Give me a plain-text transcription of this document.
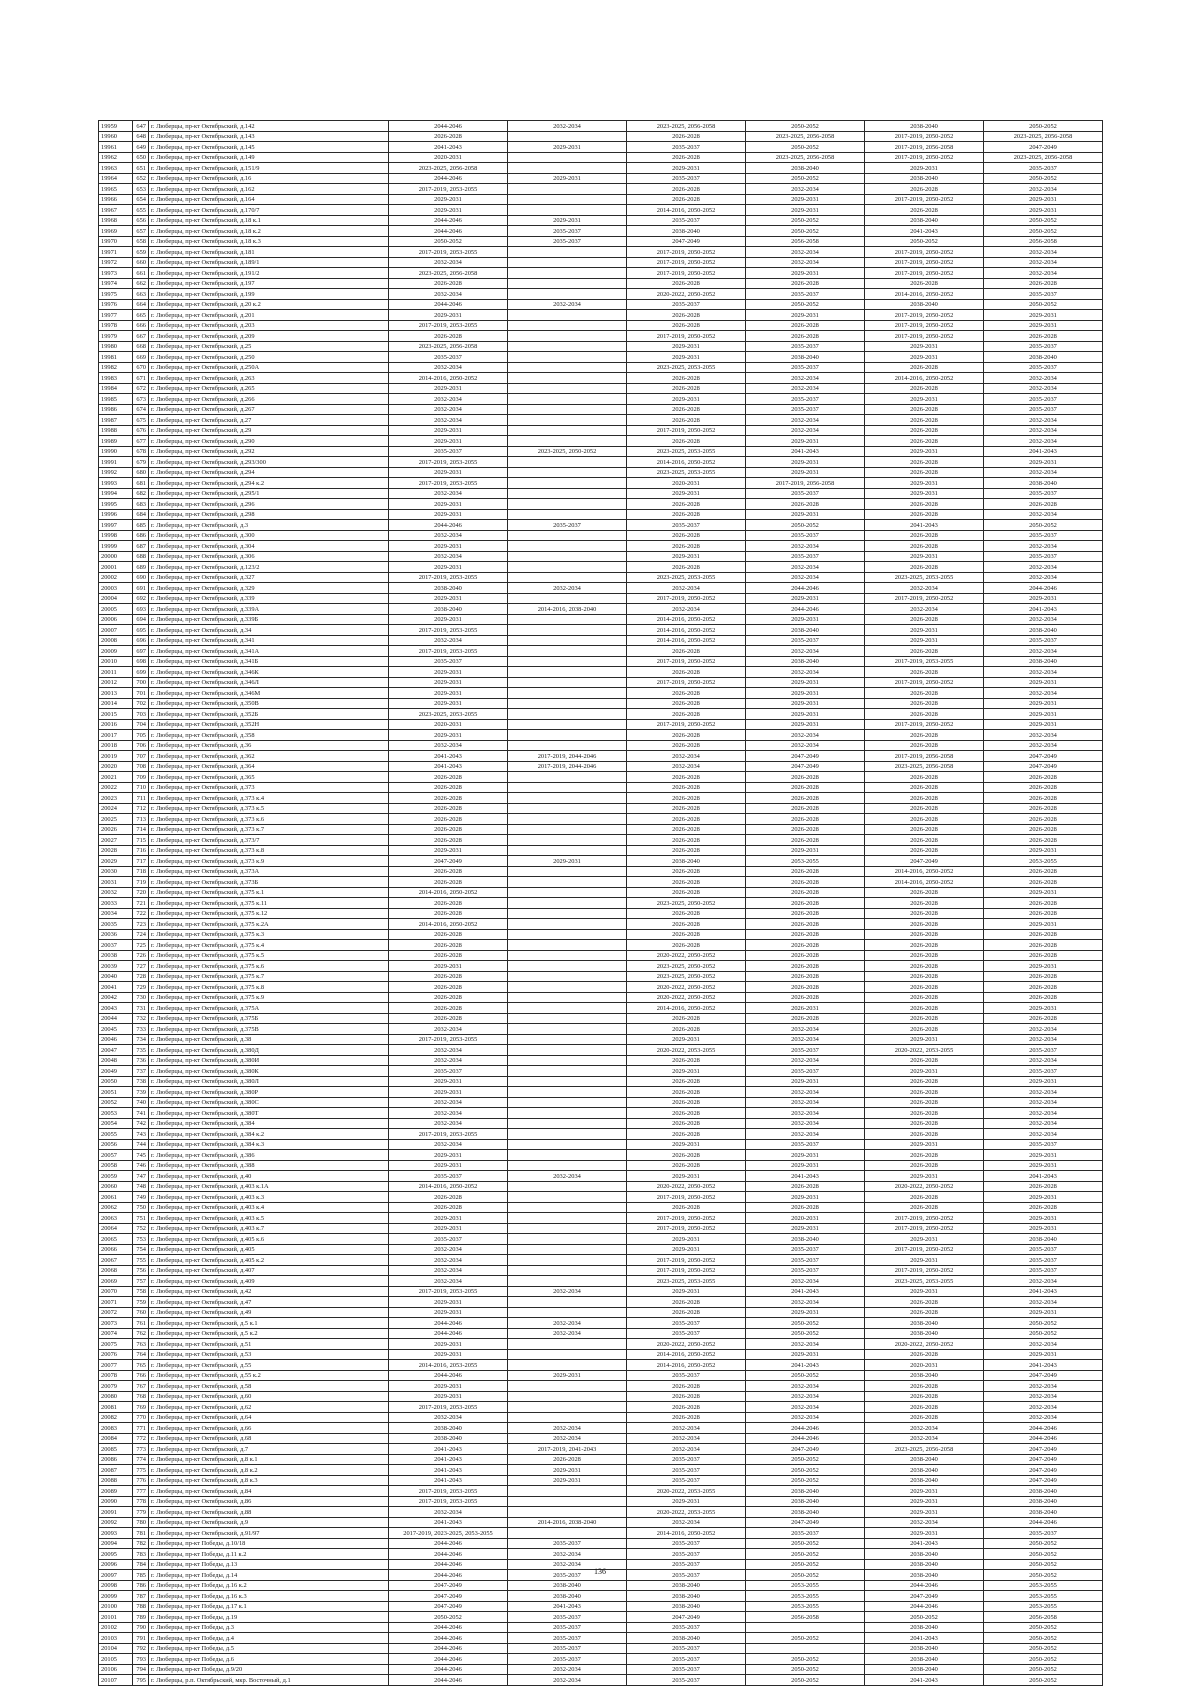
19959	647	г. Люберцы, пр-кт Октябрьский, д.142	2044-2046	2032-2034	2023-2025, 2056-2058	2050-2052	2038-2040	2050-2052
19960	648	г. Люберцы, пр-кт Октябрьский, д.143	2026-2028		2026-2028	2023-2025, 2056-2058	2017-2019, 2050-2052	2023-2025, 2056-2058
19961	649	г. Люберцы, пр-кт Октябрьский, д.145	2041-2043	2029-2031	2035-2037	2050-2052	2017-2019, 2056-2058	2047-2049
19962	650	г. Люберцы, пр-кт Октябрьский, д.149	2020-2031		2026-2028	2023-2025, 2056-2058	2017-2019, 2050-2052	2023-2025, 2056-2058
19963	651	г. Люберцы, пр-кт Октябрьский, д.151/9	2023-2025, 2056-2058		2029-2031	2038-2040	2029-2031	2035-2037
19964	652	г. Люберцы, пр-кт Октябрьский, д.16	2044-2046	2029-2031	2035-2037	2050-2052	2038-2040	2050-2052
19965	653	г. Люберцы, пр-кт Октябрьский, д.162	2017-2019, 2053-2055		2026-2028	2032-2034	2026-2028	2032-2034
19966	654	г. Люберцы, пр-кт Октябрьский, д.164	2029-2031		2026-2028	2029-2031	2017-2019, 2050-2052	2029-2031
19967	655	г. Люберцы, пр-кт Октябрьский, д.170/7	2029-2031		2014-2016, 2050-2052	2029-2031	2026-2028	2029-2031
19968	656	г. Люберцы, пр-кт Октябрьский, д.18 к.1	2044-2046	2029-2031	2035-2037	2050-2052	2038-2040	2050-2052
19969	657	г. Люберцы, пр-кт Октябрьский, д.18 к.2	2044-2046	2035-2037	2038-2040	2050-2052	2041-2043	2050-2052
19970	658	г. Люберцы, пр-кт Октябрьский, д.18 к.3	2050-2052	2035-2037	2047-2049	2056-2058	2050-2052	2056-2058
19971	659	г. Люберцы, пр-кт Октябрьский, д.181	2017-2019, 2053-2055		2017-2019, 2050-2052	2032-2034	2017-2019, 2050-2052	2032-2034
19972	660	г. Люберцы, пр-кт Октябрьский, д.189/1	2032-2034		2017-2019, 2050-2052	2032-2034	2017-2019, 2050-2052	2032-2034
19973	661	г. Люберцы, пр-кт Октябрьский, д.191/2	2023-2025, 2056-2058		2017-2019, 2050-2052	2029-2031	2017-2019, 2050-2052	2032-2034
19974	662	г. Люберцы, пр-кт Октябрьский, д.197	2026-2028		2026-2028	2026-2028	2026-2028	2026-2028
19975	663	г. Люберцы, пр-кт Октябрьский, д.199	2032-2034		2020-2022, 2050-2052	2035-2037	2014-2016, 2050-2052	2035-2037
19976	664	г. Люберцы, пр-кт Октябрьский, д.20 к.2	2044-2046	2032-2034	2035-2037	2050-2052	2038-2040	2050-2052
19977	665	г. Люберцы, пр-кт Октябрьский, д.201	2029-2031		2026-2028	2029-2031	2017-2019, 2050-2052	2029-2031
19978	666	г. Люберцы, пр-кт Октябрьский, д.203	2017-2019, 2053-2055		2026-2028	2026-2028	2017-2019, 2050-2052	2029-2031
19979	667	г. Люберцы, пр-кт Октябрьский, д.209	2026-2028		2017-2019, 2050-2052	2026-2028	2017-2019, 2050-2052	2026-2028
19980	668	г. Люберцы, пр-кт Октябрьский, д.25	2023-2025, 2056-2058		2029-2031	2035-2037	2029-2031	2035-2037
19981	669	г. Люберцы, пр-кт Октябрьский, д.250	2035-2037		2029-2031	2038-2040	2029-2031	2038-2040
19982	670	г. Люберцы, пр-кт Октябрьский, д.250А	2032-2034		2023-2025, 2053-2055	2035-2037	2026-2028	2035-2037
19983	671	г. Люберцы, пр-кт Октябрьский, д.263	2014-2016, 2050-2052		2026-2028	2032-2034	2014-2016, 2050-2052	2032-2034
19984	672	г. Люберцы, пр-кт Октябрьский, д.265	2029-2031		2026-2028	2032-2034	2026-2028	2032-2034
19985	673	г. Люберцы, пр-кт Октябрьский, д.266	2032-2034		2029-2031	2035-2037	2029-2031	2035-2037
19986	674	г. Люберцы, пр-кт Октябрьский, д.267	2032-2034		2026-2028	2035-2037	2026-2028	2035-2037
19987	675	г. Люберцы, пр-кт Октябрьский, д.27	2032-2034		2026-2028	2032-2034	2026-2028	2032-2034
19988	676	г. Люберцы, пр-кт Октябрьский, д.29	2029-2031		2017-2019, 2050-2052	2032-2034	2026-2028	2032-2034
19989	677	г. Люберцы, пр-кт Октябрьский, д.290	2029-2031		2026-2028	2029-2031	2026-2028	2032-2034
19990	678	г. Люберцы, пр-кт Октябрьский, д.292	2035-2037	2023-2025, 2050-2052	2023-2025, 2053-2055	2041-2043	2029-2031	2041-2043
19991	679	г. Люберцы, пр-кт Октябрьский, д.293/300	2017-2019, 2053-2055		2014-2016, 2050-2052	2029-2031	2026-2028	2029-2031
19992	680	г. Люберцы, пр-кт Октябрьский, д.294	2029-2031		2023-2025, 2053-2055	2029-2031	2026-2028	2032-2034
19993	681	г. Люберцы, пр-кт Октябрьский, д.294 к.2	2017-2019, 2053-2055		2020-2031	2017-2019, 2056-2058	2029-2031	2038-2040
19994	682	г. Люберцы, пр-кт Октябрьский, д.295/1	2032-2034		2029-2031	2035-2037	2029-2031	2035-2037
19995	683	г. Люберцы, пр-кт Октябрьский, д.296	2029-2031		2026-2028	2026-2028	2026-2028	2026-2028
19996	684	г. Люберцы, пр-кт Октябрьский, д.298	2029-2031		2026-2028	2029-2031	2026-2028	2032-2034
19997	685	г. Люберцы, пр-кт Октябрьский, д.3	2044-2046	2035-2037	2035-2037	2050-2052	2041-2043	2050-2052
19998	686	г. Люберцы, пр-кт Октябрьский, д.300	2032-2034		2026-2028	2035-2037	2026-2028	2035-2037
19999	687	г. Люберцы, пр-кт Октябрьский, д.304	2029-2031		2026-2028	2032-2034	2026-2028	2032-2034
20000	688	г. Люберцы, пр-кт Октябрьский, д.306	2032-2034		2029-2031	2035-2037	2029-2031	2035-2037
20001	689	г. Люберцы, пр-кт Октябрьский, д.123/2	2029-2031		2026-2028	2032-2034	2026-2028	2032-2034
20002	690	г. Люберцы, пр-кт Октябрьский, д.327	2017-2019, 2053-2055		2023-2025, 2053-2055	2032-2034	2023-2025, 2053-2055	2032-2034
20003	691	г. Люберцы, пр-кт Октябрьский, д.329	2038-2040	2032-2034	2032-2034	2044-2046	2032-2034	2044-2046
20004	692	г. Люберцы, пр-кт Октябрьский, д.339	2029-2031		2017-2019, 2050-2052	2029-2031	2017-2019, 2050-2052	2029-2031
20005	693	г. Люберцы, пр-кт Октябрьский, д.339А	2038-2040	2014-2016, 2038-2040	2032-2034	2044-2046	2032-2034	2041-2043
20006	694	г. Люберцы, пр-кт Октябрьский, д.339Б	2029-2031		2014-2016, 2050-2052	2029-2031	2026-2028	2032-2034
20007	695	г. Люберцы, пр-кт Октябрьский, д.34	2017-2019, 2053-2055		2014-2016, 2050-2052	2038-2040	2029-2031	2038-2040
20008	696	г. Люберцы, пр-кт Октябрьский, д.341	2032-2034		2014-2016, 2050-2052	2035-2037	2029-2031	2035-2037
20009	697	г. Люберцы, пр-кт Октябрьский, д.341А	2017-2019, 2053-2055		2026-2028	2032-2034	2026-2028	2032-2034
20010	698	г. Люберцы, пр-кт Октябрьский, д.341Б	2035-2037		2017-2019, 2050-2052	2038-2040	2017-2019, 2053-2055	2038-2040
20011	699	г. Люберцы, пр-кт Октябрьский, д.346К	2029-2031		2026-2028	2032-2034	2026-2028	2032-2034
20012	700	г. Люберцы, пр-кт Октябрьский, д.346Л	2029-2031		2017-2019, 2050-2052	2029-2031	2017-2019, 2050-2052	2029-2031
20013	701	г. Люберцы, пр-кт Октябрьский, д.346М	2029-2031		2026-2028	2029-2031	2026-2028	2032-2034
20014	702	г. Люберцы, пр-кт Октябрьский, д.350В	2029-2031		2026-2028	2029-2031	2026-2028	2029-2031
20015	703	г. Люберцы, пр-кт Октябрьский, д.352Б	2023-2025, 2053-2055		2026-2028	2029-2031	2026-2028	2029-2031
20016	704	г. Люберцы, пр-кт Октябрьский, д.352Н	2020-2031		2017-2019, 2050-2052	2029-2031	2017-2019, 2050-2052	2029-2031
20017	705	г. Люберцы, пр-кт Октябрьский, д.358	2029-2031		2026-2028	2032-2034	2026-2028	2032-2034
20018	706	г. Люберцы, пр-кт Октябрьский, д.36	2032-2034		2026-2028	2032-2034	2026-2028	2032-2034
20019	707	г. Люберцы, пр-кт Октябрьский, д.362	2041-2043	2017-2019, 2044-2046	2032-2034	2047-2049	2017-2019, 2056-2058	2047-2049
20020	708	г. Люберцы, пр-кт Октябрьский, д.364	2041-2043	2017-2019, 2044-2046	2032-2034	2047-2049	2023-2025, 2056-2058	2047-2049
20021	709	г. Люберцы, пр-кт Октябрьский, д.365	2026-2028		2026-2028	2026-2028	2026-2028	2026-2028
20022	710	г. Люберцы, пр-кт Октябрьский, д.373	2026-2028		2026-2028	2026-2028	2026-2028	2026-2028
20023	711	г. Люберцы, пр-кт Октябрьский, д.373 к.4	2026-2028		2026-2028	2026-2028	2026-2028	2026-2028
20024	712	г. Люберцы, пр-кт Октябрьский, д.373 к.5	2026-2028		2026-2028	2026-2028	2026-2028	2026-2028
20025	713	г. Люберцы, пр-кт Октябрьский, д.373 к.6	2026-2028		2026-2028	2026-2028	2026-2028	2026-2028
20026	714	г. Люберцы, пр-кт Октябрьский, д.373 к.7	2026-2028		2026-2028	2026-2028	2026-2028	2026-2028
20027	715	г. Люберцы, пр-кт Октябрьский, д.373/7	2026-2028		2026-2028	2026-2028	2026-2028	2026-2028
20028	716	г. Люберцы, пр-кт Октябрьский, д.373 к.8	2029-2031		2026-2028	2029-2031	2026-2028	2029-2031
20029	717	г. Люберцы, пр-кт Октябрьский, д.373 к.9	2047-2049	2029-2031	2038-2040	2053-2055	2047-2049	2053-2055
20030	718	г. Люберцы, пр-кт Октябрьский, д.373А	2026-2028		2026-2028	2026-2028	2014-2016, 2050-2052	2026-2028
20031	719	г. Люберцы, пр-кт Октябрьский, д.373Б	2026-2028		2026-2028	2026-2028	2014-2016, 2050-2052	2026-2028
20032	720	г. Люберцы, пр-кт Октябрьский, д.375 к.1	2014-2016, 2050-2052		2026-2028	2026-2028	2026-2028	2029-2031
20033	721	г. Люберцы, пр-кт Октябрьский, д.375 к.11	2026-2028		2023-2025, 2050-2052	2026-2028	2026-2028	2026-2028
20034	722	г. Люберцы, пр-кт Октябрьский, д.375 к.12	2026-2028		2026-2028	2026-2028	2026-2028	2026-2028
20035	723	г. Люберцы, пр-кт Октябрьский, д.375 к.2А	2014-2016, 2050-2052		2026-2028	2026-2028	2026-2028	2029-2031
20036	724	г. Люберцы, пр-кт Октябрьский, д.375 к.3	2026-2028		2026-2028	2026-2028	2026-2028	2026-2028
20037	725	г. Люберцы, пр-кт Октябрьский, д.375 к.4	2026-2028		2026-2028	2026-2028	2026-2028	2026-2028
20038	726	г. Люберцы, пр-кт Октябрьский, д.375 к.5	2026-2028		2020-2022, 2050-2052	2026-2028	2026-2028	2026-2028
20039	727	г. Люберцы, пр-кт Октябрьский, д.375 к.6	2029-2031		2023-2025, 2050-2052	2026-2028	2026-2028	2029-2031
20040	728	г. Люберцы, пр-кт Октябрьский, д.375 к.7	2026-2028		2023-2025, 2050-2052	2026-2028	2026-2028	2026-2028
20041	729	г. Люберцы, пр-кт Октябрьский, д.375 к.8	2026-2028		2020-2022, 2050-2052	2026-2028	2026-2028	2026-2028
20042	730	г. Люберцы, пр-кт Октябрьский, д.375 к.9	2026-2028		2020-2022, 2050-2052	2026-2028	2026-2028	2026-2028
20043	731	г. Люберцы, пр-кт Октябрьский, д.375А	2026-2028		2014-2016, 2050-2052	2026-2031	2026-2028	2029-2031
20044	732	г. Люберцы, пр-кт Октябрьский, д.375Б	2026-2028		2026-2028	2026-2028	2026-2028	2026-2028
20045	733	г. Люберцы, пр-кт Октябрьский, д.375В	2032-2034		2026-2028	2032-2034	2026-2028	2032-2034
20046	734	г. Люберцы, пр-кт Октябрьский, д.38	2017-2019, 2053-2055		2029-2031	2032-2034	2029-2031	2032-2034
20047	735	г. Люберцы, пр-кт Октябрьский, д.380Д	2032-2034		2020-2022, 2053-2055	2035-2037	2020-2022, 2053-2055	2035-2037
20048	736	г. Люберцы, пр-кт Октябрьский, д.380И	2032-2034		2026-2028	2032-2034	2026-2028	2032-2034
20049	737	г. Люберцы, пр-кт Октябрьский, д.380К	2035-2037		2029-2031	2035-2037	2029-2031	2035-2037
20050	738	г. Люберцы, пр-кт Октябрьский, д.380Л	2029-2031		2026-2028	2029-2031	2026-2028	2029-2031
20051	739	г. Люберцы, пр-кт Октябрьский, д.380Р	2029-2031		2026-2028	2032-2034	2026-2028	2032-2034
20052	740	г. Люберцы, пр-кт Октябрьский, д.380С	2032-2034		2026-2028	2032-2034	2026-2028	2032-2034
20053	741	г. Люберцы, пр-кт Октябрьский, д.380Т	2032-2034		2026-2028	2032-2034	2026-2028	2032-2034
20054	742	г. Люберцы, пр-кт Октябрьский, д.384	2032-2034		2026-2028	2032-2034	2026-2028	2032-2034
20055	743	г. Люберцы, пр-кт Октябрьский, д.384 к.2	2017-2019, 2053-2055		2026-2028	2032-2034	2026-2028	2032-2034
20056	744	г. Люберцы, пр-кт Октябрьский, д.384 к.3	2032-2034		2029-2031	2035-2037	2029-2031	2035-2037
20057	745	г. Люберцы, пр-кт Октябрьский, д.386	2029-2031		2026-2028	2029-2031	2026-2028	2029-2031
20058	746	г. Люберцы, пр-кт Октябрьский, д.388	2029-2031		2026-2028	2029-2031	2026-2028	2029-2031
20059	747	г. Люберцы, пр-кт Октябрьский, д.40	2035-2037	2032-2034	2029-2031	2041-2043	2029-2031	2041-2043
20060	748	г. Люберцы, пр-кт Октябрьский, д.403 к.1А	2014-2016, 2050-2052		2020-2022, 2050-2052	2026-2028	2020-2022, 2050-2052	2026-2028
20061	749	г. Люберцы, пр-кт Октябрьский, д.403 к.3	2026-2028		2017-2019, 2050-2052	2029-2031	2026-2028	2029-2031
20062	750	г. Люберцы, пр-кт Октябрьский, д.403 к.4	2026-2028		2026-2028	2026-2028	2026-2028	2026-2028
20063	751	г. Люберцы, пр-кт Октябрьский, д.403 к.5	2029-2031		2017-2019, 2050-2052	2020-2031	2017-2019, 2050-2052	2029-2031
20064	752	г. Люберцы, пр-кт Октябрьский, д.403 к.7	2029-2031		2017-2019, 2050-2052	2029-2031	2017-2019, 2050-2052	2029-2031
20065	753	г. Люберцы, пр-кт Октябрьский, д.405 к.6	2035-2037		2029-2031	2038-2040	2029-2031	2038-2040
20066	754	г. Люберцы, пр-кт Октябрьский, д.405	2032-2034		2029-2031	2035-2037	2017-2019, 2050-2052	2035-2037
20067	755	г. Люберцы, пр-кт Октябрьский, д.405 к.2	2032-2034		2017-2019, 2050-2052	2035-2037	2029-2031	2035-2037
20068	756	г. Люберцы, пр-кт Октябрьский, д.407	2032-2034		2017-2019, 2050-2052	2035-2037	2017-2019, 2050-2052	2035-2037
20069	757	г. Люберцы, пр-кт Октябрьский, д.409	2032-2034		2023-2025, 2053-2055	2032-2034	2023-2025, 2053-2055	2032-2034
20070	758	г. Люберцы, пр-кт Октябрьский, д.42	2017-2019, 2053-2055	2032-2034	2029-2031	2041-2043	2029-2031	2041-2043
20071	759	г. Люберцы, пр-кт Октябрьский, д.47	2029-2031		2026-2028	2032-2034	2026-2028	2032-2034
20072	760	г. Люберцы, пр-кт Октябрьский, д.49	2029-2031		2026-2028	2029-2031	2026-2028	2029-2031
20073	761	г. Люберцы, пр-кт Октябрьский, д.5 к.1	2044-2046	2032-2034	2035-2037	2050-2052	2038-2040	2050-2052
20074	762	г. Люберцы, пр-кт Октябрьский, д.5 к.2	2044-2046	2032-2034	2035-2037	2050-2052	2038-2040	2050-2052
20075	763	г. Люберцы, пр-кт Октябрьский, д.51	2029-2031		2020-2022, 2050-2052	2032-2034	2020-2022, 2050-2052	2032-2034
20076	764	г. Люберцы, пр-кт Октябрьский, д.53	2029-2031		2014-2016, 2050-2052	2029-2031	2026-2028	2029-2031
20077	765	г. Люберцы, пр-кт Октябрьский, д.55	2014-2016, 2053-2055		2014-2016, 2050-2052	2041-2043	2020-2031	2041-2043
20078	766	г. Люберцы, пр-кт Октябрьский, д.55 к.2	2044-2046	2029-2031	2035-2037	2050-2052	2038-2040	2047-2049
20079	767	г. Люберцы, пр-кт Октябрьский, д.58	2029-2031		2026-2028	2032-2034	2026-2028	2032-2034
20080	768	г. Люберцы, пр-кт Октябрьский, д.60	2029-2031		2026-2028	2032-2034	2026-2028	2032-2034
20081	769	г. Люберцы, пр-кт Октябрьский, д.62	2017-2019, 2053-2055		2026-2028	2032-2034	2026-2028	2032-2034
20082	770	г. Люберцы, пр-кт Октябрьский, д.64	2032-2034		2026-2028	2032-2034	2026-2028	2032-2034
20083	771	г. Люберцы, пр-кт Октябрьский, д.66	2038-2040	2032-2034	2032-2034	2044-2046	2032-2034	2044-2046
20084	772	г. Люберцы, пр-кт Октябрьский, д.68	2038-2040	2032-2034	2032-2034	2044-2046	2032-2034	2044-2046
20085	773	г. Люберцы, пр-кт Октябрьский, д.7	2041-2043	2017-2019, 2041-2043	2032-2034	2047-2049	2023-2025, 2056-2058	2047-2049
20086	774	г. Люберцы, пр-кт Октябрьский, д.8 к.1	2041-2043	2026-2028	2035-2037	2050-2052	2038-2040	2047-2049
20087	775	г. Люберцы, пр-кт Октябрьский, д.8 к.2	2041-2043	2029-2031	2035-2037	2050-2052	2038-2040	2047-2049
20088	776	г. Люберцы, пр-кт Октябрьский, д.8 к.3	2041-2043	2029-2031	2035-2037	2050-2052	2038-2040	2047-2049
20089	777	г. Люберцы, пр-кт Октябрьский, д.84	2017-2019, 2053-2055		2020-2022, 2053-2055	2038-2040	2029-2031	2038-2040
20090	778	г. Люберцы, пр-кт Октябрьский, д.86	2017-2019, 2053-2055		2029-2031	2038-2040	2029-2031	2038-2040
20091	779	г. Люберцы, пр-кт Октябрьский, д.88	2032-2034		2020-2022, 2053-2055	2038-2040	2029-2031	2038-2040
20092	780	г. Люберцы, пр-кт Октябрьский, д.9	2041-2043	2014-2016, 2038-2040	2032-2034	2047-2049	2032-2034	2044-2046
20093	781	г. Люберцы, пр-кт Октябрьский, д.91/97	2017-2019, 2023-2025, 2053-2055		2014-2016, 2050-2052	2035-2037	2029-2031	2035-2037
20094	782	г. Люберцы, пр-кт Победы, д.10/18	2044-2046	2035-2037	2035-2037	2050-2052	2041-2043	2050-2052
20095	783	г. Люберцы, пр-кт Победы, д.11 к.2	2044-2046	2032-2034	2035-2037	2050-2052	2038-2040	2050-2052
20096	784	г. Люберцы, пр-кт Победы, д.13	2044-2046	2032-2034	2035-2037	2050-2052	2038-2040	2050-2052
20097	785	г. Люберцы, пр-кт Победы, д.14	2044-2046	2035-2037	2035-2037	2050-2052	2038-2040	2050-2052
20098	786	г. Люберцы, пр-кт Победы, д.16 к.2	2047-2049	2038-2040	2038-2040	2053-2055	2044-2046	2053-2055
20099	787	г. Люберцы, пр-кт Победы, д.16 к.3	2047-2049	2038-2040	2038-2040	2053-2055	2047-2049	2053-2055
20100	788	г. Люберцы, пр-кт Победы, д.17 к.1	2047-2049	2041-2043	2038-2040	2053-2055	2044-2046	2053-2055
20101	789	г. Люберцы, пр-кт Победы, д.19	2050-2052	2035-2037	2047-2049	2056-2058	2050-2052	2056-2058
20102	790	г. Люберцы, пр-кт Победы, д.3	2044-2046	2035-2037	2035-2037		2038-2040	2050-2052
20103	791	г. Люберцы, пр-кт Победы, д.4	2044-2046	2035-2037	2038-2040	2050-2052	2041-2043	2050-2052
20104	792	г. Люберцы, пр-кт Победы, д.5	2044-2046	2035-2037	2035-2037		2038-2040	2050-2052
20105	793	г. Люберцы, пр-кт Победы, д.6	2044-2046	2035-2037	2035-2037	2050-2052	2038-2040	2050-2052
20106	794	г. Люберцы, пр-кт Победы, д.9/20	2044-2046	2032-2034	2035-2037	2050-2052	2038-2040	2050-2052
20107	795	г. Люберцы, р.п. Октябрьский, мкр. Восточный, д.1	2044-2046	2032-2034	2035-2037	2050-2052	2041-2043	2050-2052
136
